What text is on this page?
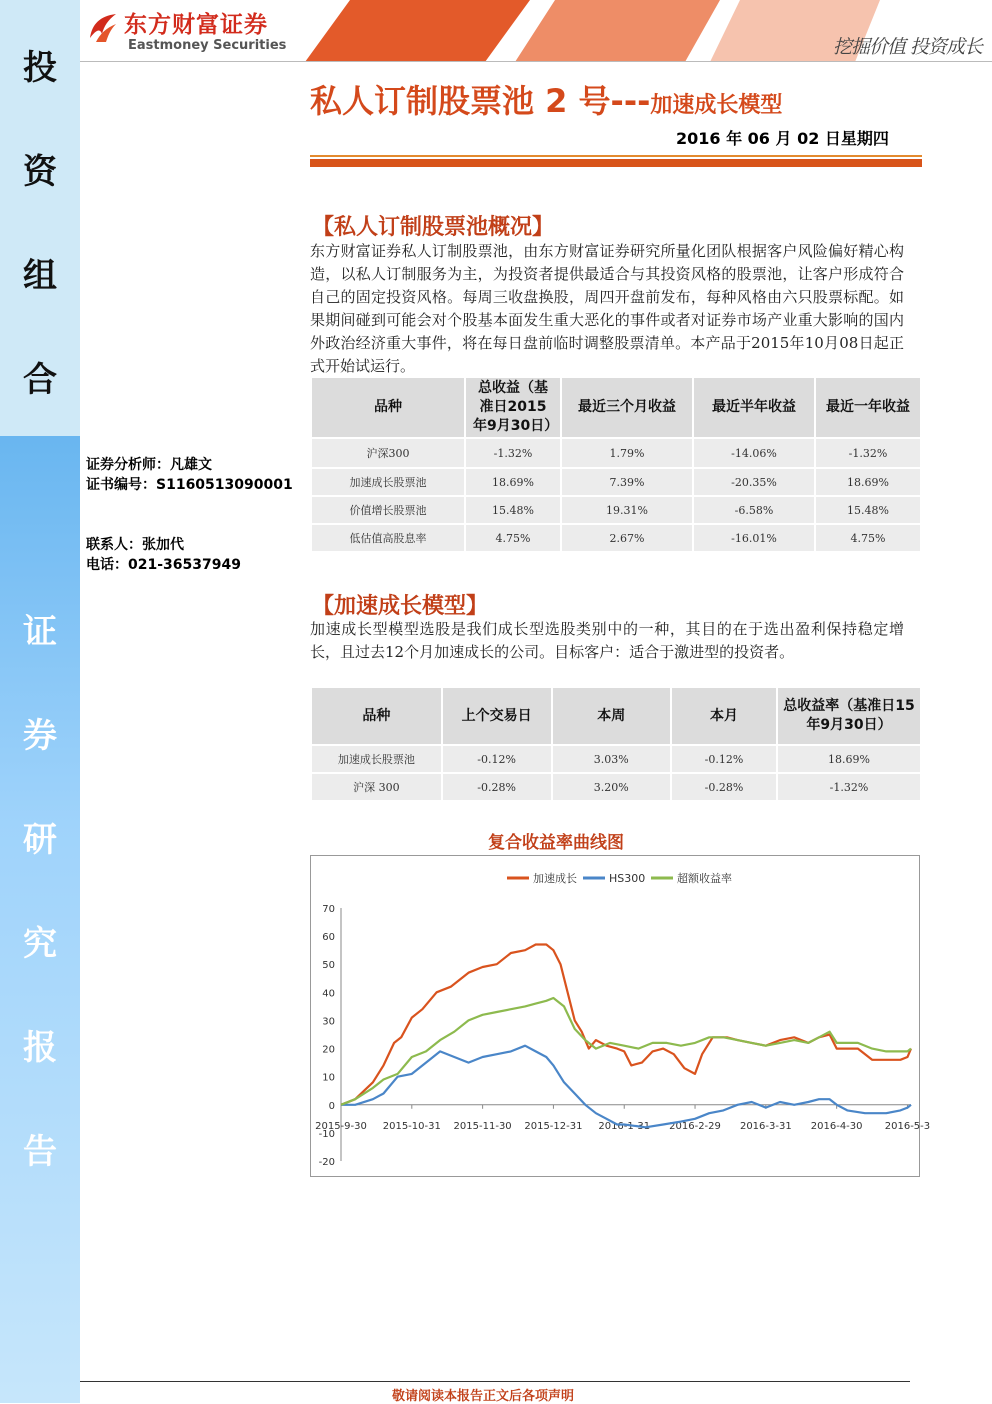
投
资
组
合
证
券
研
究
报
告
东方财富证券
Eastmoney Securities	挖掘价值 投资成长
私人订制股票池 2 号---加速成长模型
2016 年 06 月 02 日星期四
证券分析师：凡雄文
证书编号：S1160513090001
联系人：张加代
电话：021-36537949
【私人订制股票池概况】
东方财富证券私人订制股票池，由东方财富证券研究所量化团队根据客户风险偏好精心构造，以私人订制服务为主，为投资者提供最适合与其投资风格的股票池，让客户形成符合自己的固定投资风格。每周三收盘换股，周四开盘前发布，每种风格由六只股票标配。如果期间碰到可能会对个股基本面发生重大恶化的事件或者对证券市场产业重大影响的国内外政治经济重大事件，将在每日盘前临时调整股票清单。本产品于2015年10月08日起正式开始试运行。
品种	总收益（基准日2015年9月30日）	最近三个月收益	最近半年收益	最近一年收益
沪深300	-1.32%	1.79%	-14.06%	-1.32%
加速成长股票池	18.69%	7.39%	-20.35%	18.69%
价值增长股票池	15.48%	19.31%	-6.58%	15.48%
低估值高股息率	4.75%	2.67%	-16.01%	4.75%
【加速成长模型】
加速成长型模型选股是我们成长型选股类别中的一种，其目的在于选出盈利保持稳定增长，且过去12个月加速成长的公司。目标客户：适合于激进型的投资者。
品种	上个交易日	本周	本月	总收益率（基准日15年9月30日）
加速成长股票池	-0.12%	3.03%	-0.12%	18.69%
沪深 300	-0.28%	3.20%	-0.28%	-1.32%
复合收益率曲线图
-20
-10
0
10
20
30
40
50
60
70
2015-9-30 2015-10-31 2015-11-30 2015-12-31 2016-1-31 2016-2-29 2016-3-31 2016-4-30 2016-5-3
加速成长	HS300	超额收益率
敬请阅读本报告正文后各项声明
